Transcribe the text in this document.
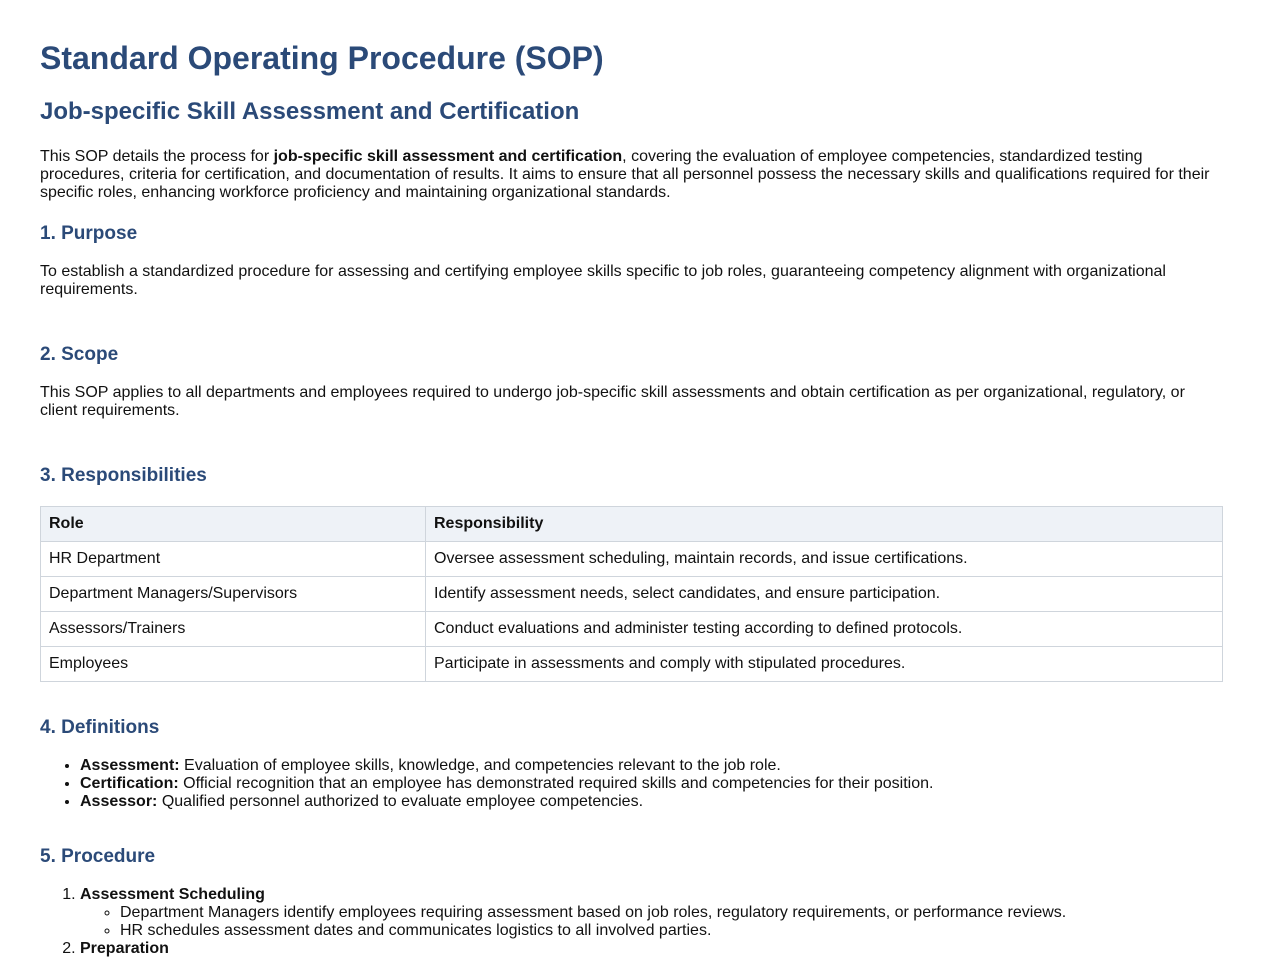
Standard Operating Procedure (SOP)
Job-specific Skill Assessment and Certification

This SOP details the process for job-specific skill assessment and certification, covering the evaluation of employee competencies, standardized testing procedures, criteria for certification, and documentation of results. It aims to ensure that all personnel possess the necessary skills and qualifications required for their specific roles, enhancing workforce proficiency and maintaining organizational standards.

1. Purpose

To establish a standardized procedure for assessing and certifying employee skills specific to job roles, guaranteeing competency alignment with organizational requirements.

2. Scope

This SOP applies to all departments and employees required to undergo job-specific skill assessments and obtain certification as per organizational, regulatory, or client requirements.

3. Responsibilities
Role	Responsibility
HR Department	Oversee assessment scheduling, maintain records, and issue certifications.
Department Managers/Supervisors	Identify assessment needs, select candidates, and ensure participation.
Assessors/Trainers	Conduct evaluations and administer testing according to defined protocols.
Employees	Participate in assessments and comply with stipulated procedures.
4. Definitions
• Assessment: Evaluation of employee skills, knowledge, and competencies relevant to the job role.
• Certification: Official recognition that an employee has demonstrated required skills and competencies for their position.
• Assessor: Qualified personnel authorized to evaluate employee competencies.
5. Procedure
1. Assessment Scheduling
◦ Department Managers identify employees requiring assessment based on job roles, regulatory requirements, or performance reviews.
◦ HR schedules assessment dates and communicates logistics to all involved parties.
2. Preparation
